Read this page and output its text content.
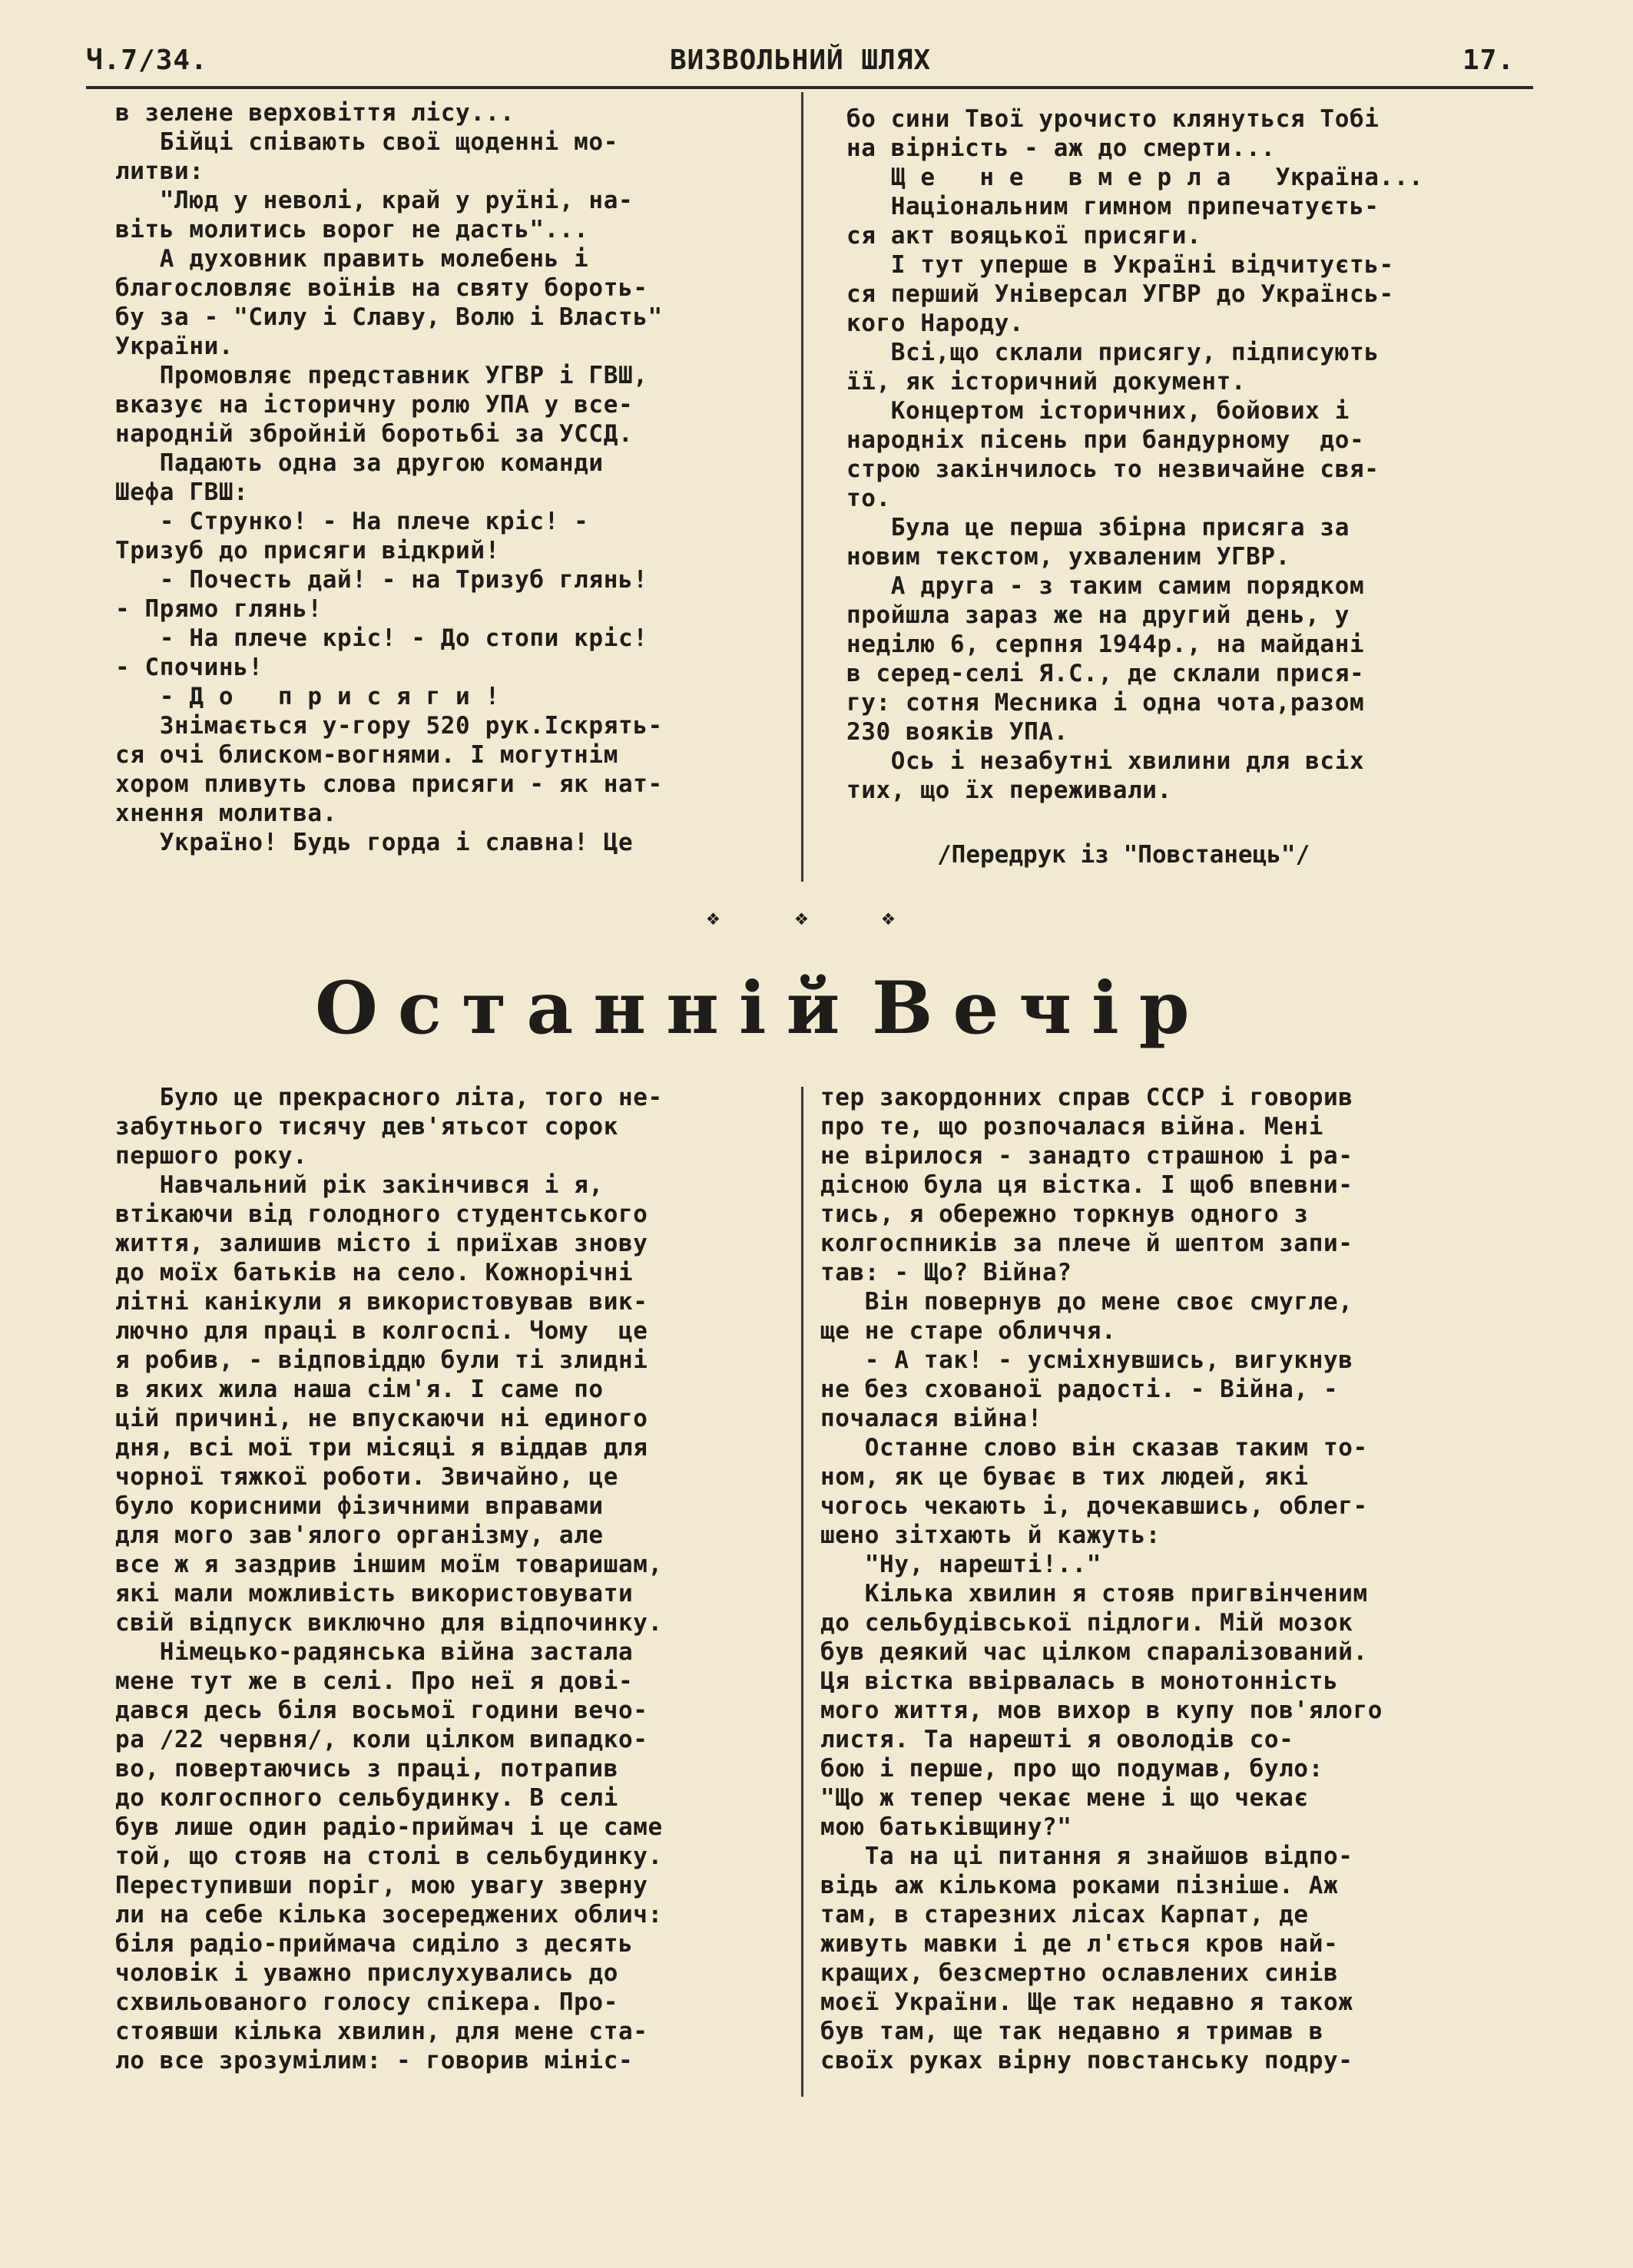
Ч.7/34.	ВИЗВОЛЬНИЙ ШЛЯХ	17.

в зелене верховіття лісу...

Бійці співають свої щоденні мо-

литви:

"Люд у неволі, край у руїні, на-

віть молитись ворог не дасть"...

А духовник править молебень і

благословляє воїнів на святу бороть-

бу за - "Силу і Славу, Волю і Власть"

України.

Промовляє представник УГВР і ГВШ,

вказує на історичну ролю УПА у все-

народній збройній боротьбі за УССД.

Падають одна за другою команди

Шефа ГВШ:

- Струнко! - На плече кріс! -

Тризуб до присяги відкрий!

- Почесть дай! - на Тризуб глянь!

- Прямо глянь!

- На плече кріс! - До стопи кріс!

- Спочинь!

- Д о   п р и с я г и !

Знімається у-гору 520 рук.Іскрять-

ся очі блиском-вогнями. І могутнім

хором пливуть слова присяги - як нат-

хнення молитва.

Україно! Будь горда і славна! Це

бо сини Твої урочисто клянуться Тобі

на вірність - аж до смерти...

Щ е   н е   в м е р л а   Україна...

Національним гимном припечатуєть-

ся акт вояцької присяги.

І тут уперше в Україні відчитуєть-

ся перший Універсал УГВР до Українсь-

кого Народу.

Всі,що склали присягу, підписують

її, як історичний документ.

Концертом історичних, бойових і

народніх пісень при бандурному  до-

строю закінчилось то незвичайне свя-

то.

Була це перша збірна присяга за

новим текстом, ухваленим УГВР.

А друга - з таким самим порядком

пройшла зараз же на другий день, у

неділю 6, серпня 1944р., на майдані

в серед-селі Я.С., де склали прися-

гу: сотня Месника і одна чота,разом

230 вояків УПА.

Ось і незабутні хвилини для всіх

тих, що їх переживали.

/Передрук із "Повстанець"/
❖	❖	❖
Останній Вечір

Було це прекрасного літа, того не-

забутнього тисячу дев'ятьсот сорок

першого року.

Навчальний рік закінчився і я,

втікаючи від голодного студентського

життя, залишив місто і приїхав знову

до моїх батьків на село. Кожнорічні

літні канікули я використовував вик-

лючно для праці в колгоспі. Чому  це

я робив, - відповіддю були ті злидні

в яких жила наша сім'я. І саме по

цій причині, не впускаючи ні единого

дня, всі мої три місяці я віддав для

чорної тяжкої роботи. Звичайно, це

було корисними фізичними вправами

для мого зав'ялого організму, але

все ж я заздрив іншим моїм товаришам,

які мали можливість використовувати

свій відпуск виключно для відпочинку.

Німецько-радянська війна застала

мене тут же в селі. Про неї я дові-

дався десь біля восьмої години вечо-

ра /22 червня/, коли цілком випадко-

во, повертаючись з праці, потрапив

до колгоспного сельбудинку. В селі

був лише один радіо-приймач і це саме

той, що стояв на столі в сельбудинку.

Переступивши поріг, мою увагу зверну

ли на себе кілька зосереджених облич:

біля радіо-приймача сиділо з десять

чоловік і уважно прислухувались до

схвильованого голосу спікера. Про-

стоявши кілька хвилин, для мене ста-

ло все зрозумілим: - говорив мініс-

тер закордонних справ СССР і говорив

про те, що розпочалася війна. Мені

не вірилося - занадто страшною і ра-

дісною була ця вістка. І щоб впевни-

тись, я обережно торкнув одного з

колгоспників за плече й шептом запи-

тав: - Що? Війна?

Він повернув до мене своє смугле,

ще не старе обличчя.

- А так! - усміхнувшись, вигукнув

не без схованої радості. - Війна, -

почалася війна!

Останне слово він сказав таким то-

ном, як це буває в тих людей, які

чогось чекають і, дочекавшись, облег-

шено зітхають й кажуть:

"Ну, нарешті!.."

Кілька хвилин я стояв пригвінченим

до сельбудівської підлоги. Мій мозок

був деякий час цілком спаралізований.

Ця вістка ввірвалась в монотонність

мого життя, мов вихор в купу пов'ялого

листя. Та нарешті я оволодів со-

бою і перше, про що подумав, було:

"Що ж тепер чекає мене і що чекає

мою батьківщину?"

Та на ці питання я знайшов відпо-

відь аж кількома роками пізніше. Аж

там, в старезних лісах Карпат, де

живуть мавки і де л'ється кров най-

кращих, безсмертно ославлених синів

моєї України. Ще так недавно я також

був там, ще так недавно я тримав в

своїх руках вірну повстанську подру-
